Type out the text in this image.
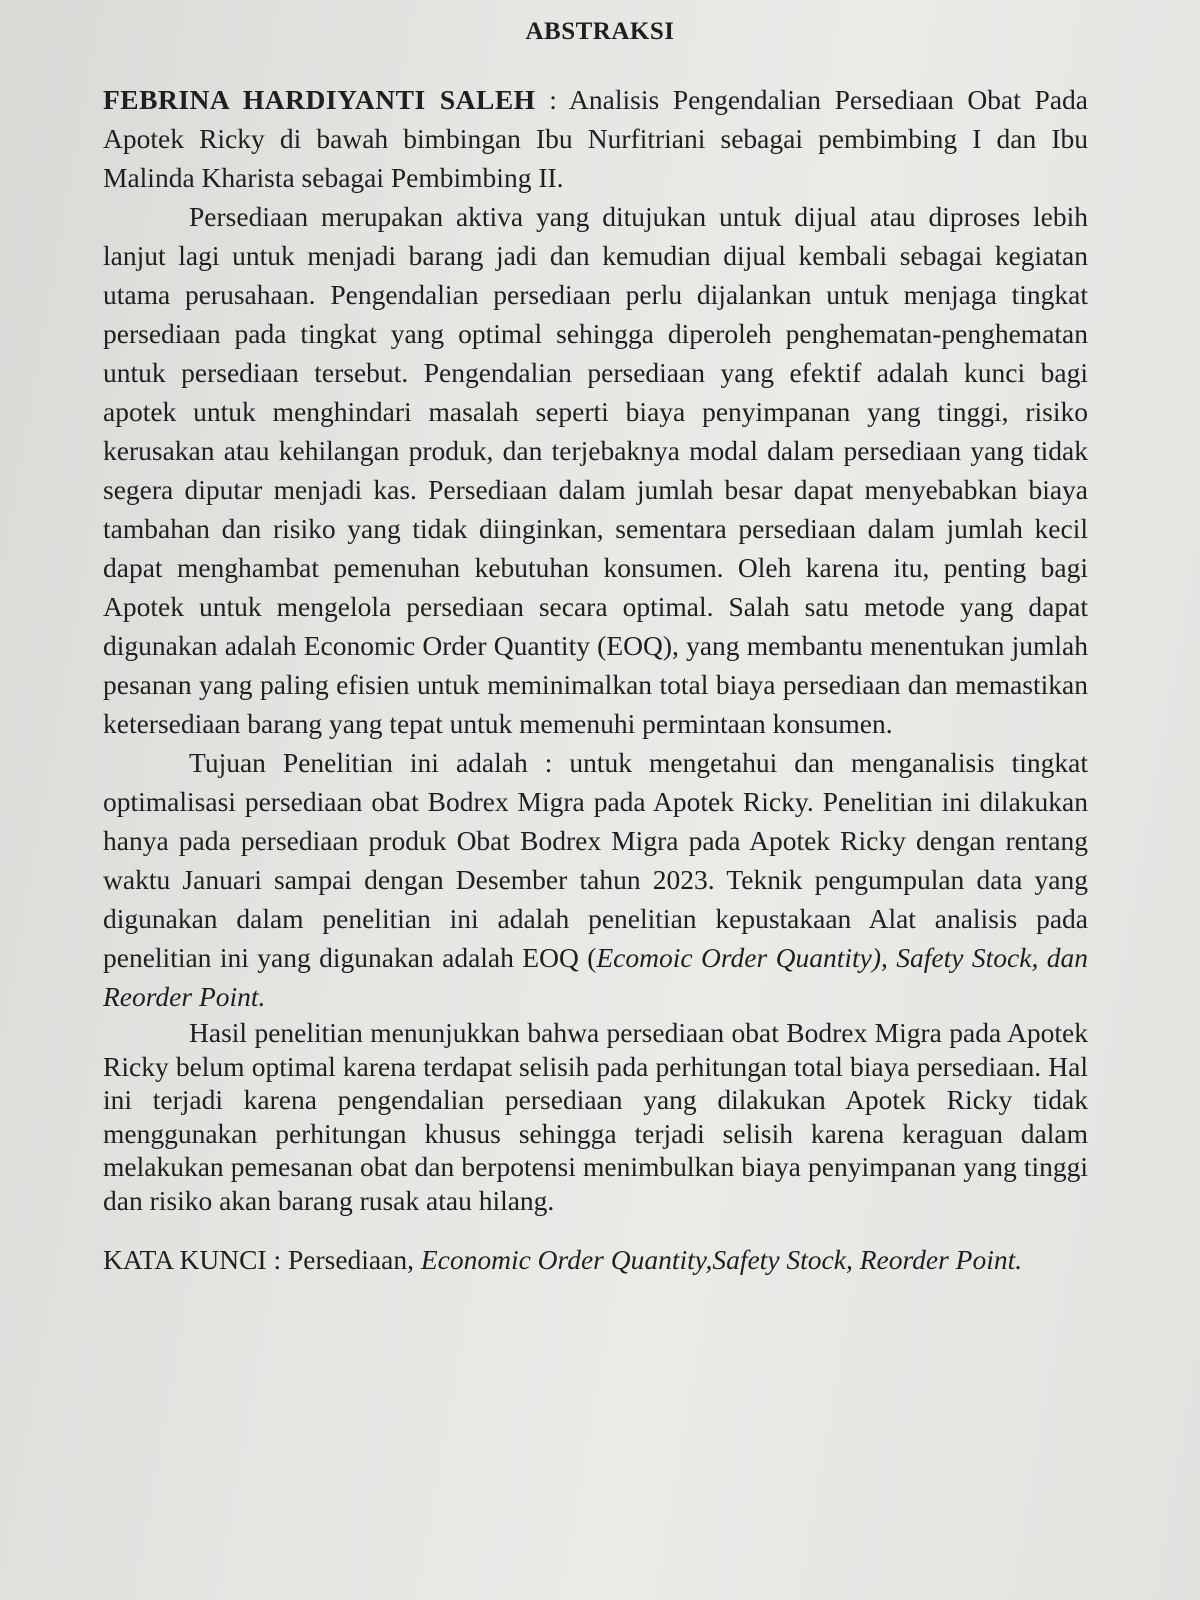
ABSTRAKSI

FEBRINA HARDIYANTI SALEH : Analisis Pengendalian Persediaan Obat Pada Apotek Ricky di bawah bimbingan Ibu Nurfitriani sebagai pembimbing I dan Ibu Malinda Kharista sebagai Pembimbing II.

Persediaan merupakan aktiva yang ditujukan untuk dijual atau diproses lebih lanjut lagi untuk menjadi barang jadi dan kemudian dijual kembali sebagai kegiatan utama perusahaan. Pengendalian persediaan perlu dijalankan untuk menjaga tingkat persediaan pada tingkat yang optimal sehingga diperoleh penghematan-penghematan untuk persediaan tersebut. Pengendalian persediaan yang efektif adalah kunci bagi apotek untuk menghindari masalah seperti biaya penyimpanan yang tinggi, risiko kerusakan atau kehilangan produk, dan terjebaknya modal dalam persediaan yang tidak segera diputar menjadi kas. Persediaan dalam jumlah besar dapat menyebabkan biaya tambahan dan risiko yang tidak diinginkan, sementara persediaan dalam jumlah kecil dapat menghambat pemenuhan kebutuhan konsumen. Oleh karena itu, penting bagi Apotek untuk mengelola persediaan secara optimal. Salah satu metode yang dapat digunakan adalah Economic Order Quantity (EOQ), yang membantu menentukan jumlah pesanan yang paling efisien untuk meminimalkan total biaya persediaan dan memastikan ketersediaan barang yang tepat untuk memenuhi permintaan konsumen.

Tujuan Penelitian ini adalah : untuk mengetahui dan menganalisis tingkat optimalisasi persediaan obat Bodrex Migra pada Apotek Ricky. Penelitian ini dilakukan hanya pada persediaan produk Obat Bodrex Migra pada Apotek Ricky dengan rentang waktu Januari sampai dengan Desember tahun 2023. Teknik pengumpulan data yang digunakan dalam penelitian ini adalah penelitian kepustakaan Alat analisis pada penelitian ini yang digunakan adalah EOQ (Ecomoic Order Quantity), Safety Stock, dan Reorder Point.

Hasil penelitian menunjukkan bahwa persediaan obat Bodrex Migra pada Apotek Ricky belum optimal karena terdapat selisih pada perhitungan total biaya persediaan. Hal ini terjadi karena pengendalian persediaan yang dilakukan Apotek Ricky tidak menggunakan perhitungan khusus sehingga terjadi selisih karena keraguan dalam melakukan pemesanan obat dan berpotensi menimbulkan biaya penyimpanan yang tinggi dan risiko akan barang rusak atau hilang.

KATA KUNCI : Persediaan, Economic Order Quantity,Safety Stock, Reorder Point.
